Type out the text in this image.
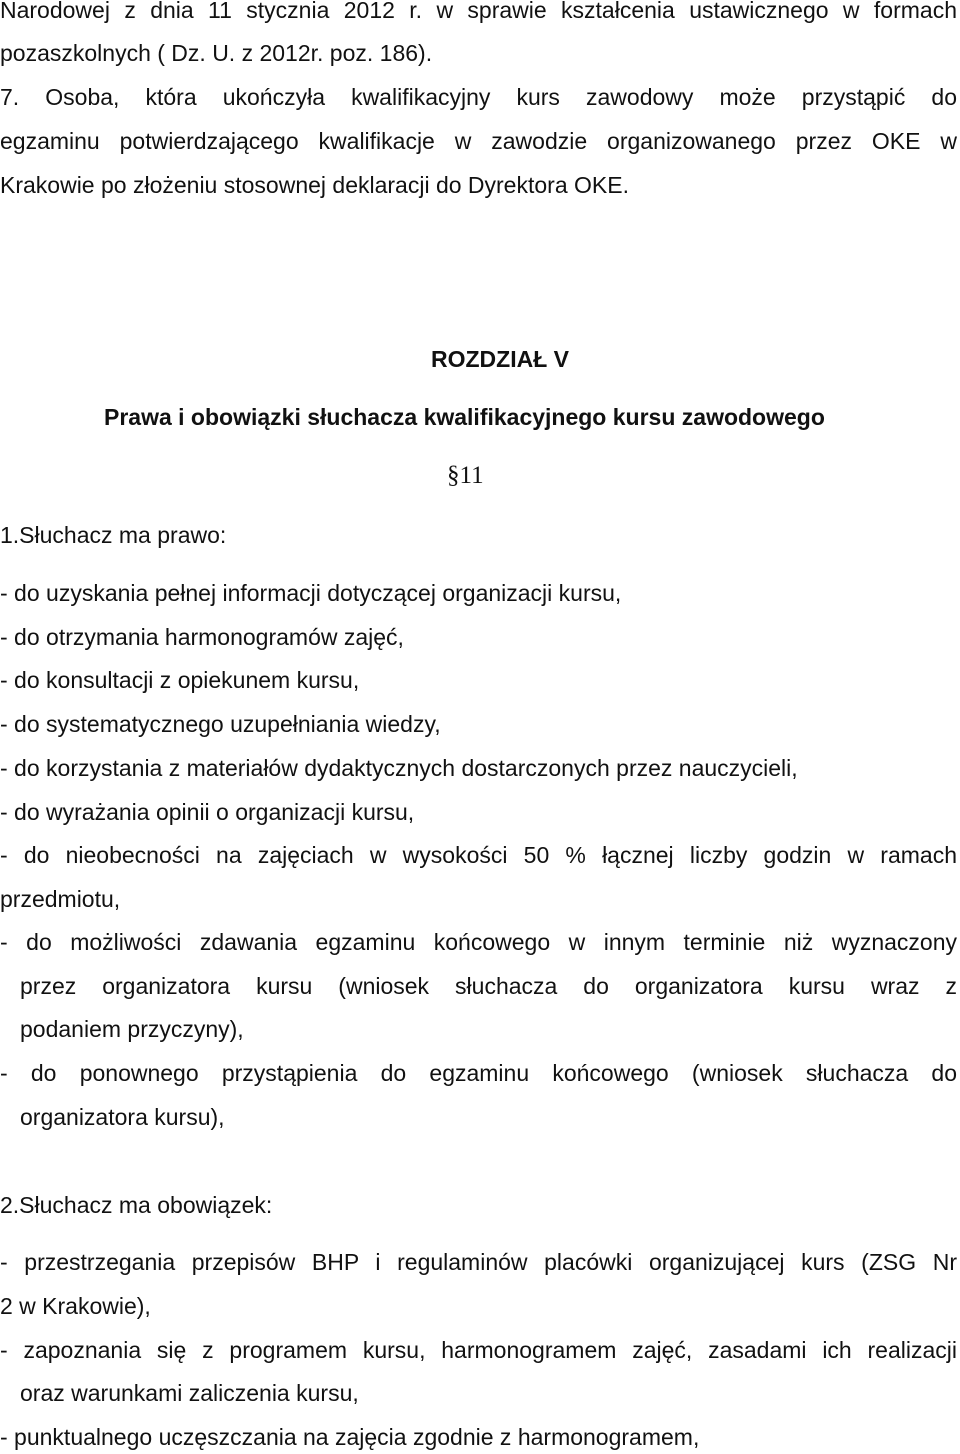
Narodowej z dnia 11 stycznia 2012 r. w sprawie kształcenia ustawicznego w formach
pozaszkolnych ( Dz. U. z 2012r. poz. 186).
7. Osoba, która ukończyła kwalifikacyjny kurs zawodowy może przystąpić do
egzaminu potwierdzającego kwalifikacje w zawodzie organizowanego przez OKE w
Krakowie po złożeniu stosownej deklaracji do Dyrektora OKE.
ROZDZIAŁ V
Prawa i obowiązki słuchacza kwalifikacyjnego kursu zawodowego
§11
1.Słuchacz ma prawo:
- do uzyskania pełnej informacji dotyczącej organizacji kursu,
- do otrzymania harmonogramów zajęć,
- do konsultacji z opiekunem kursu,
- do systematycznego uzupełniania wiedzy,
- do korzystania z materiałów dydaktycznych dostarczonych przez nauczycieli,
- do wyrażania opinii o organizacji kursu,
- do nieobecności na zajęciach w wysokości 50 % łącznej liczby godzin w ramach
przedmiotu,
- do możliwości zdawania egzaminu końcowego w innym terminie niż wyznaczony
przez organizatora kursu (wniosek słuchacza do organizatora kursu wraz z
podaniem przyczyny),
- do ponownego przystąpienia do egzaminu końcowego (wniosek słuchacza do
organizatora kursu),
2.Słuchacz ma obowiązek:
- przestrzegania przepisów BHP i regulaminów placówki organizującej kurs (ZSG Nr
2 w Krakowie),
- zapoznania się z programem kursu, harmonogramem zajęć, zasadami ich realizacji
oraz warunkami zaliczenia kursu,
- punktualnego uczęszczania na zajęcia zgodnie z harmonogramem,
